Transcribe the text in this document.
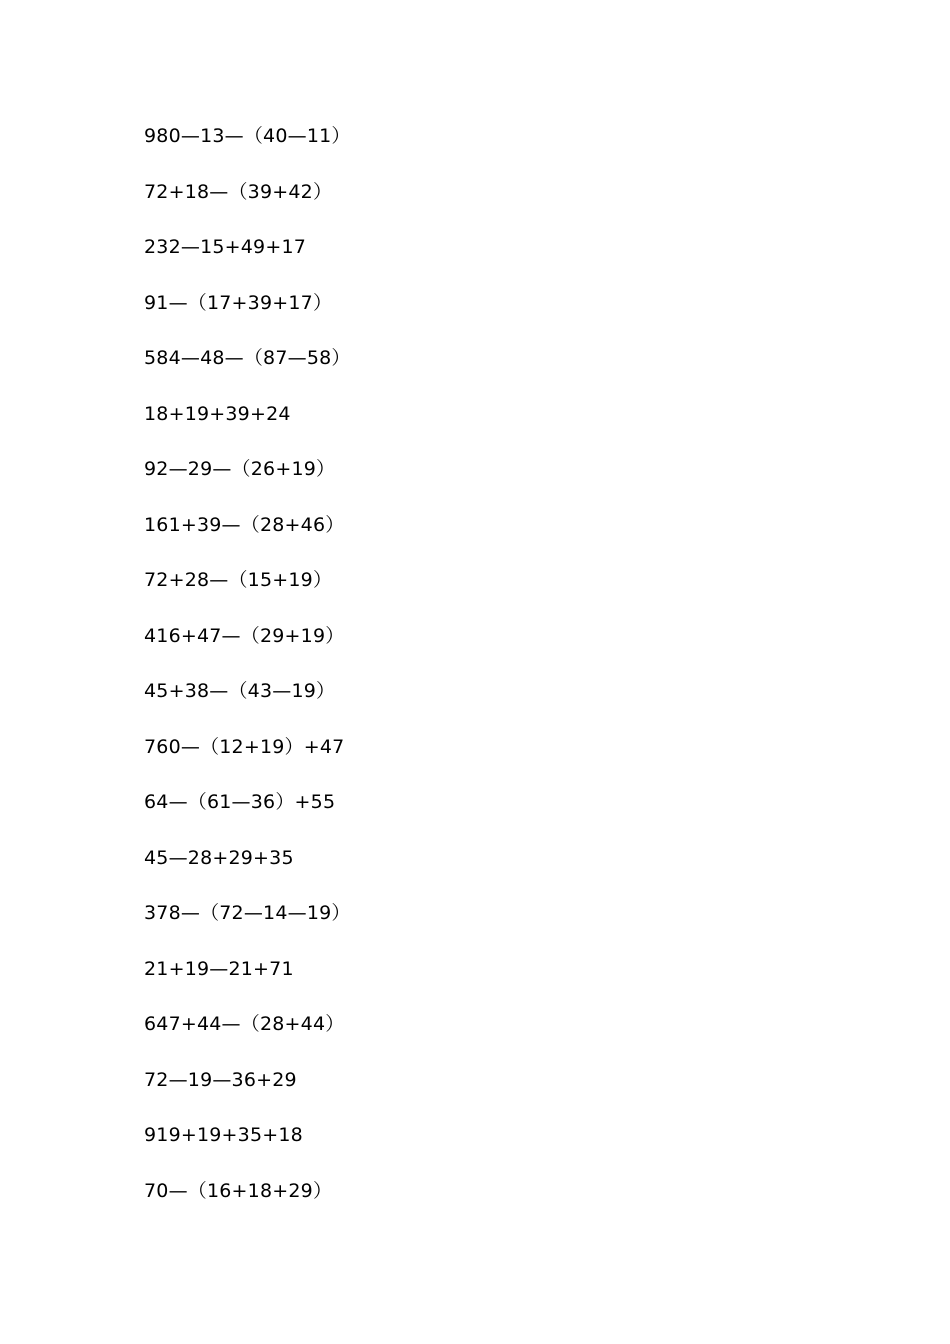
980—13—（40—11）
72+18—（39+42）
232—15+49+17
91—（17+39+17）
584—48—（87—58）
18+19+39+24
92—29—（26+19）
161+39—（28+46）
72+28—（15+19）
416+47—（29+19）
45+38—（43—19）
760—（12+19）+47
64—（61—36）+55
45—28+29+35
378—（72—14—19）
21+19—21+71
647+44—（28+44）
72—19—36+29
919+19+35+18
70—（16+18+29）
